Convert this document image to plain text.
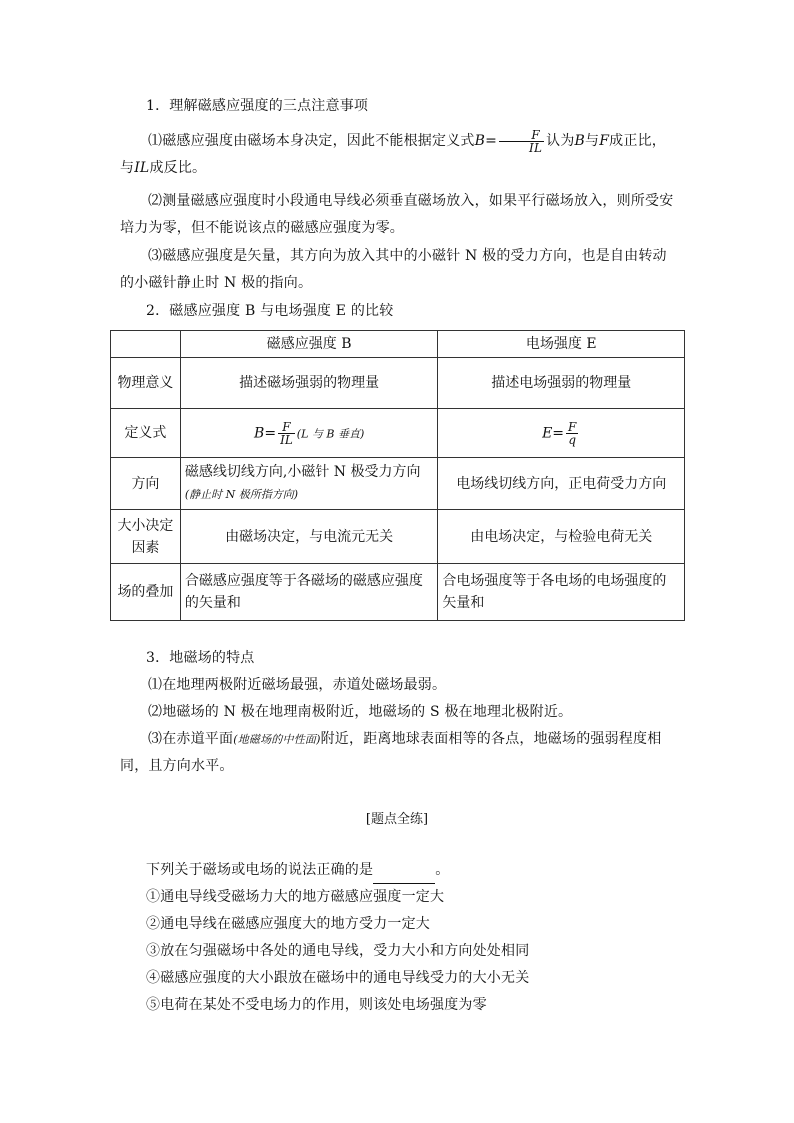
1．理解磁感应强度的三点注意事项
⑴磁感应强度由磁场本身决定，因此不能根据定义式$B= \frac{F}{IL}$ 认为B与F成正比，与IL成反比。
⑵测量磁感应强度时小段通电导线必须垂直磁场放入，如果平行磁场放入，则所受安培力为零，但不能说该点的磁感应强度为零。
⑶磁感应强度是矢量，其方向为放入其中的小磁针 N 极的受力方向，也是自由转动的小磁针静止时 N 极的指向。
2．磁感应强度 B 与电场强度 E 的比较
	磁感应强度 B	电场强度 E
物理意义	描述磁场强弱的物理量	描述电场强弱的物理量
定义式	$B= \frac{F}{IL} (L$ 与 B 垂直)	$E= \frac{F}{q}$

方向	磁感线切线方向,小磁针 N 极受力方向(静止时 N 极所指方向)	电场线切线方向，正电荷受力方向
大小决定因素	由磁场决定，与电流元无关	由电场决定，与检验电荷无关
场的叠加	合磁感应强度等于各磁场的磁感应强度的矢量和	合电场强度等于各电场的电场强度的矢量和
3．地磁场的特点
⑴在地理两极附近磁场最强，赤道处磁场最弱。
⑵地磁场的 N 极在地理南极附近，地磁场的 S 极在地理北极附近。
⑶在赤道平面(地磁场的中性面)附近，距离地球表面相等的各点，地磁场的强弱程度相同，且方向水平。
[题点全练]
下列关于磁场或电场的说法正确的是	。
①通电导线受磁场力大的地方磁感应强度一定大
②通电导线在磁感应强度大的地方受力一定大
③放在匀强磁场中各处的通电导线，受力大小和方向处处相同
④磁感应强度的大小跟放在磁场中的通电导线受力的大小无关
⑤电荷在某处不受电场力的作用，则该处电场强度为零
